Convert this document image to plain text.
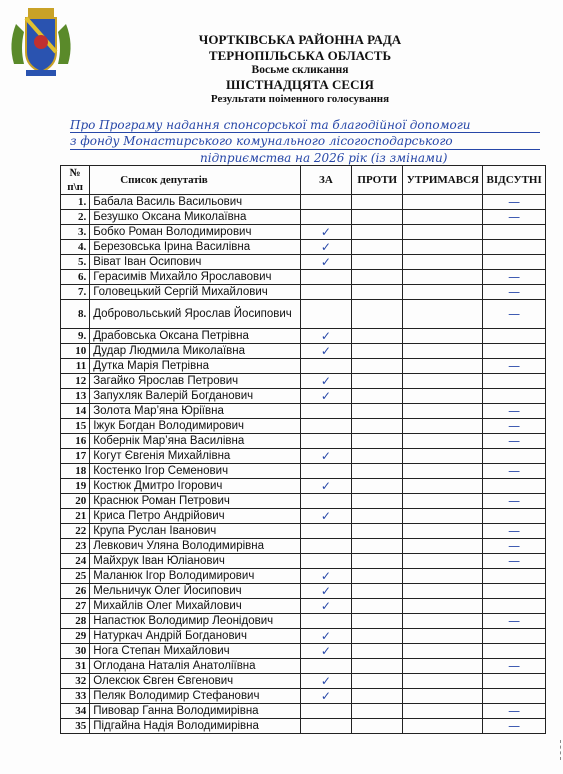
ЧОРТКІВСЬКА РАЙОННА РАДА
ТЕРНОПІЛЬСЬКА ОБЛАСТЬ
Восьме скликання
ШІСТНАДЦЯТА СЕСІЯ
Результати поіменного голосування
Про Програму надання спонсорської та благодійної допомоги
з фонду Монастирського комунального лісогосподарського
підприємства на 2026 рік (із змінами)
№ п\п	Список депутатів	ЗА	ПРОТИ	УТРИМАВСЯ	ВІДСУТНІ
1.	Бабала Василь Васильович				—
2.	Безушко Оксана Миколаївна				—
3.	Бобко Роман Володимирович	✓			
4.	Березовська Ірина Василівна	✓			
5.	Віват Іван Осипович	✓			
6.	Герасимів Михайло Ярославович				—
7.	Головецький Сергій Михайлович				—
8.	Добровольський Ярослав Йосипович				—
9.	Драбовська Оксана Петрівна	✓			
10	Дудар Людмила Миколаївна	✓			
11	Дутка Марія Петрівна				—
12	Загайко Ярослав Петрович	✓			
13	Запухляк Валерій Богданович	✓			
14	Золота Мар’яна Юріївна				—
15	Іжук Богдан Володимирович				—
16	Кобернік Мар’яна Василівна				—
17	Когут Євгенія Михайлівна	✓			
18	Костенко Ігор Семенович				—
19	Костюк Дмитро Ігорович	✓			
20	Краснюк Роман Петрович				—
21	Криса Петро Андрійович	✓			
22	Крупа Руслан Іванович				—
23	Левкович Уляна Володимирівна				—
24	Майхрук Іван Юліанович				—
25	Маланюк Ігор Володимирович	✓			
26	Мельничук Олег Йосипович	✓			
27	Михайлів Олег Михайлович	✓			
28	Напастюк Володимир Леонідович				—
29	Натуркач Андрій Богданович	✓			
30	Нога Степан Михайлович	✓			
31	Оглодана Наталія Анатоліївна				—
32	Олексюк Євген Євгенович	✓			
33	Пеляк Володимир Стефанович	✓			
34	Пивовар Ганна Володимирівна				—
35	Підгайна Надія Володимирівна				—
